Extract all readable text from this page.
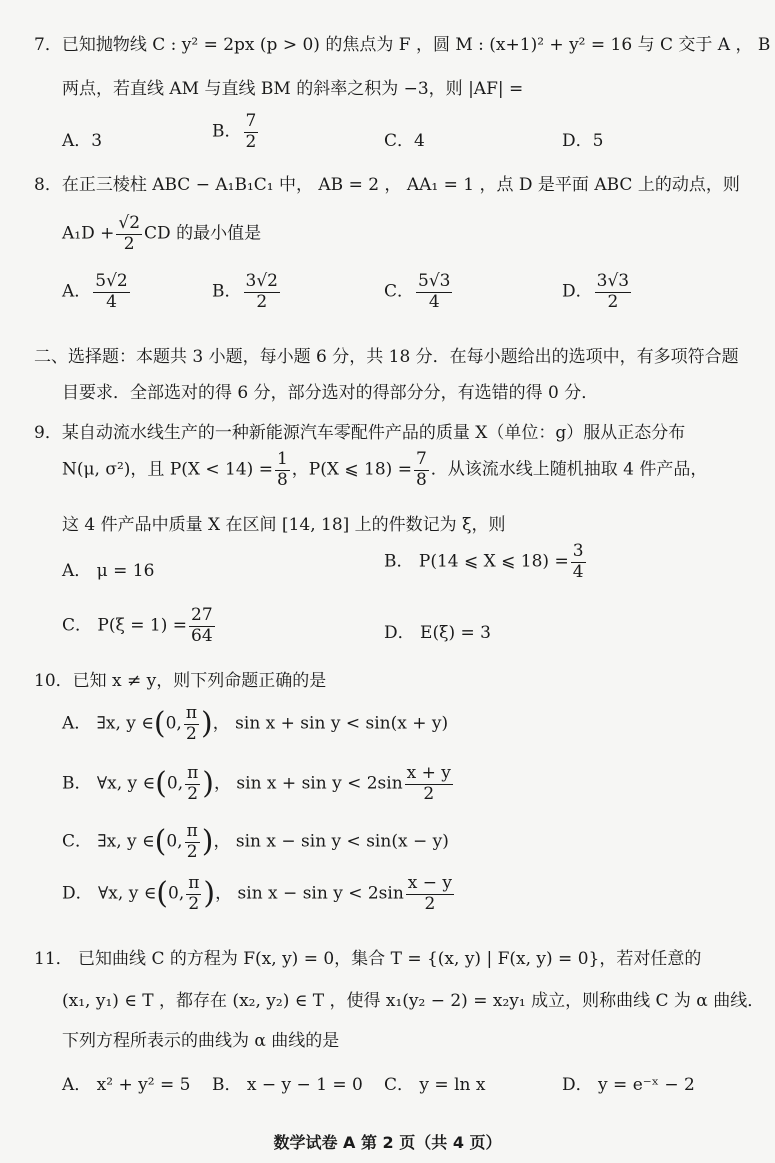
7．已知抛物线 C : y² = 2px (p > 0) 的焦点为 F ，圆 M : (x+1)² + y² = 16 与 C 交于 A ， B
两点，若直线 AM 与直线 BM 的斜率之积为 −3，则 |AF| =
A．3	B． $\frac{7}{2}$	C．4	D．5
8．在正三棱柱 ABC − A₁B₁C₁ 中， AB = 2 ， AA₁ = 1 ，点 D 是平面 ABC 上的动点，则
$A_1D + \frac{√2}{2}$ CD 的最小值是
A． $\frac{5√2}{4}$	B． $\frac{3√2}{2}$	C． $\frac{5√3}{4}$	D． $\frac{3√3}{2}$
二、选择题：本题共 3 小题，每小题 6 分，共 18 分．在每小题给出的选项中，有多项符合题
目要求．全部选对的得 6 分，部分选对的得部分分，有选错的得 0 分．
9．某自动流水线生产的一种新能源汽车零配件产品的质量 X（单位：g）服从正态分布
N(μ, σ²)，且 $P(X < 14) = \frac{1}{8}$ ，P(X ⩽ $18) = \frac{7}{8}$ ．从该流水线上随机抽取 4 件产品，
这 4 件产品中质量 X 在区间 [14, 18] 上的件数记为 ξ，则
A． μ = 16	B． P(14 ⩽ X ⩽ $18) = \frac{3}{4}$
C． $P(\xi = 1) = \frac{27}{64}$	D． E(ξ) = 3
10．已知 x ≠ y，则下列命题正确的是
A． ∃x, y ∈(0, $\frac{\pi}{2}$ )， sin x + sin y < sin(x + y)
B． ∀x, y ∈(0, $\frac{\pi}{2}$ )， $\sin x + \sin y < 2\sin \frac{x + y}{2}$
C． ∃x, y ∈(0, $\frac{\pi}{2}$ )， sin x − sin y < sin(x − y)
D． ∀x, y ∈(0, $\frac{\pi}{2}$ )， $\sin x - \sin y < 2\sin \frac{x - y}{2}$
11． 已知曲线 C 的方程为 F(x, y) = 0，集合 T = {(x, y) | F(x, y) = 0}，若对任意的
(x₁, y₁) ∈ T ，都存在 (x₂, y₂) ∈ T ，使得 x₁(y₂ − 2) = x₂y₁ 成立，则称曲线 C 为 α 曲线．
下列方程所表示的曲线为 α 曲线的是
A． x² + y² = 5 B． x − y − 1 = 0 C． y = ln x	D． y = e⁻ˣ − 2
数学试卷 A 第 2 页（共 4 页）
